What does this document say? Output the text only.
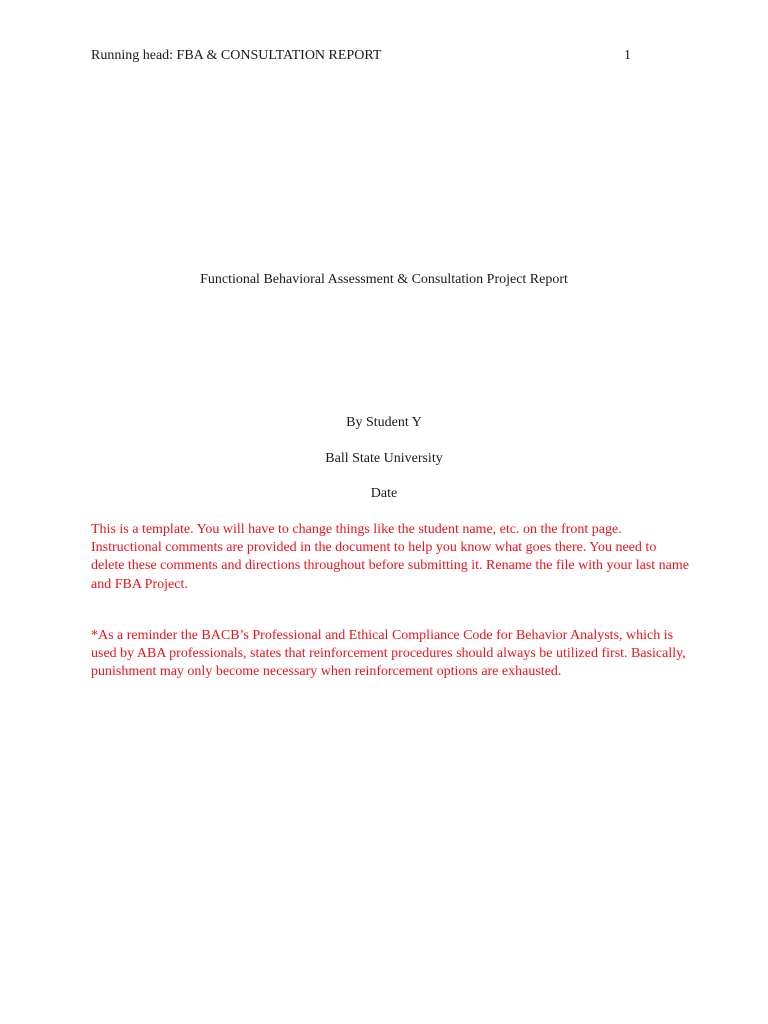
Running head: FBA & CONSULTATION REPORT	1
Functional Behavioral Assessment & Consultation Project Report
By Student Y
Ball State University
Date
This is a template. You will have to change things like the student name, etc. on the front page. Instructional comments are provided in the document to help you know what goes there. You need to delete these comments and directions throughout before submitting it. Rename the file with your last name and FBA Project.
*As a reminder the BACB’s Professional and Ethical Compliance Code for Behavior Analysts, which is used by ABA professionals, states that reinforcement procedures should always be utilized first. Basically, punishment may only become necessary when reinforcement options are exhausted.
